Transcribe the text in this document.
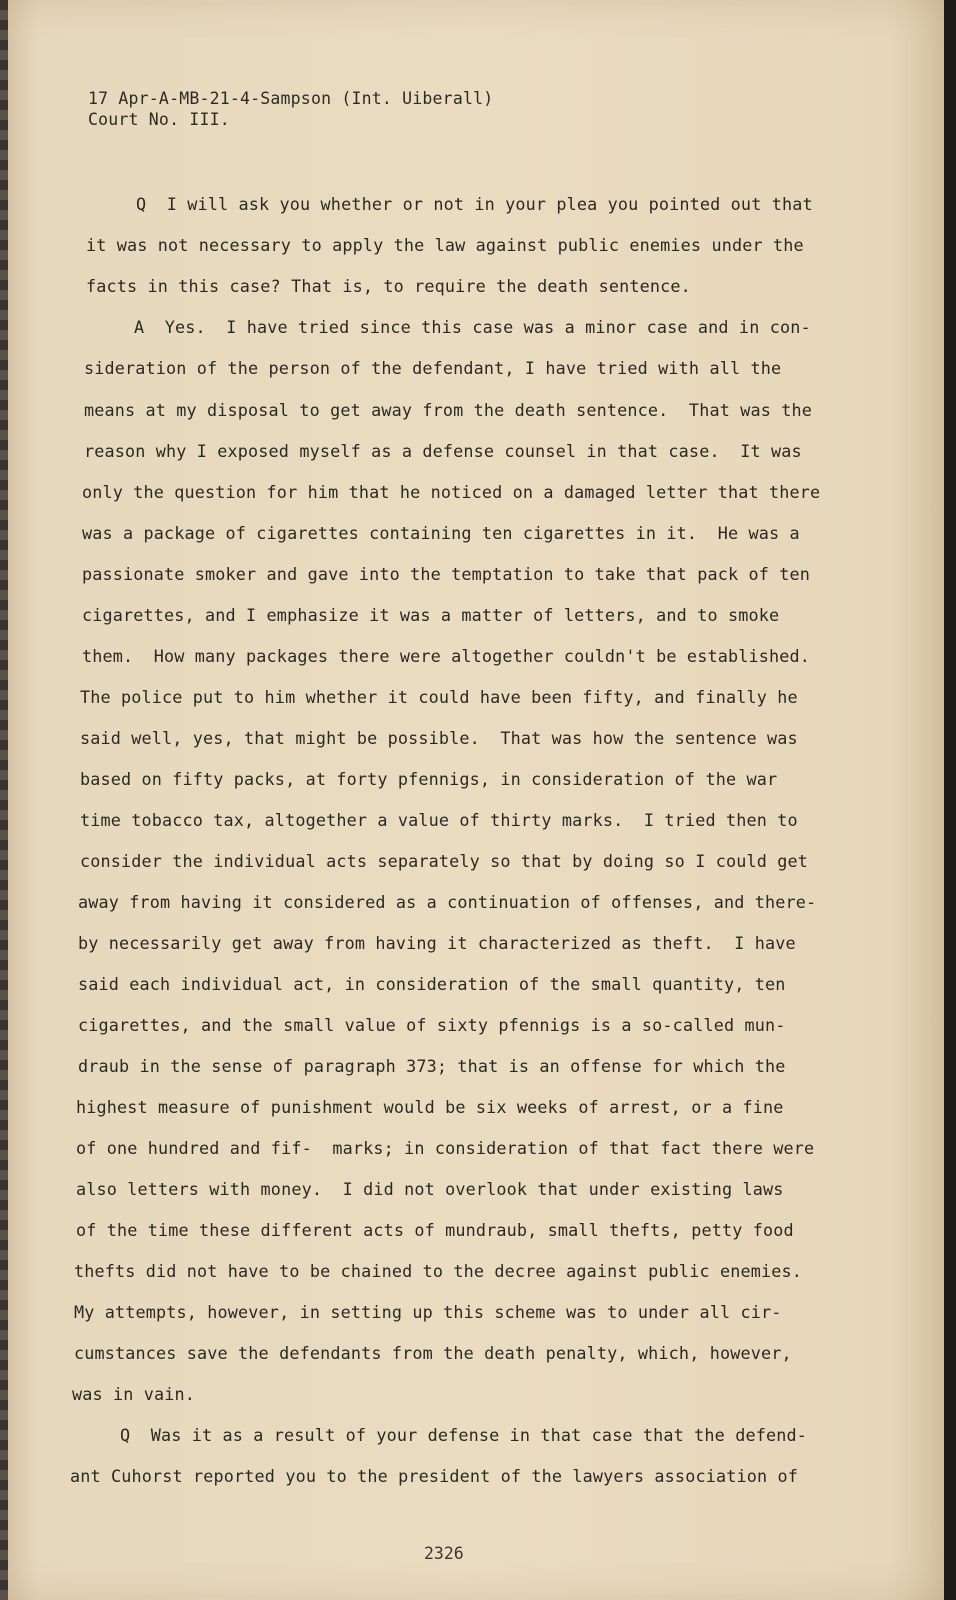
17 Apr-A-MB-21-4-Sampson (Int. Uiberall)
Court No. III.
Q  I will ask you whether or not in your plea you pointed out that
it was not necessary to apply the law against public enemies under the
facts in this case? That is, to require the death sentence.
A  Yes.  I have tried since this case was a minor case and in con-
sideration of the person of the defendant, I have tried with all the
means at my disposal to get away from the death sentence.  That was the
reason why I exposed myself as a defense counsel in that case.  It was
only the question for him that he noticed on a damaged letter that there
was a package of cigarettes containing ten cigarettes in it.  He was a
passionate smoker and gave into the temptation to take that pack of ten
cigarettes, and I emphasize it was a matter of letters, and to smoke
them.  How many packages there were altogether couldn't be established.
The police put to him whether it could have been fifty, and finally he
said well, yes, that might be possible.  That was how the sentence was
based on fifty packs, at forty pfennigs, in consideration of the war
time tobacco tax, altogether a value of thirty marks.  I tried then to
consider the individual acts separately so that by doing so I could get
away from having it considered as a continuation of offenses, and there-
by necessarily get away from having it characterized as theft.  I have
said each individual act, in consideration of the small quantity, ten
cigarettes, and the small value of sixty pfennigs is a so-called mun-
draub in the sense of paragraph 373; that is an offense for which the
highest measure of punishment would be six weeks of arrest, or a fine
of one hundred and fif-  marks; in consideration of that fact there were
also letters with money.  I did not overlook that under existing laws
of the time these different acts of mundraub, small thefts, petty food
thefts did not have to be chained to the decree against public enemies.
My attempts, however, in setting up this scheme was to under all cir-
cumstances save the defendants from the death penalty, which, however,
was in vain.
Q  Was it as a result of your defense in that case that the defend-
ant Cuhorst reported you to the president of the lawyers association of
2326
